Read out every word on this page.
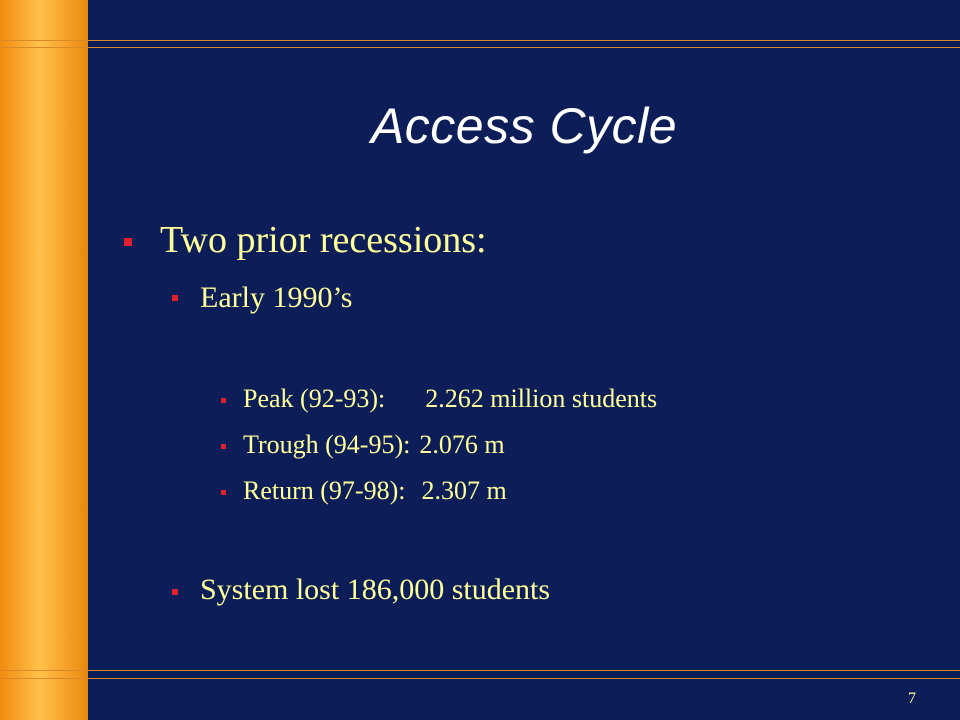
Access Cycle
Two prior recessions:
Early 1990’s
Peak (92-93): 2.262 million students
Trough (94-95): 2.076 m
Return (97-98): 2.307 m
System lost 186,000 students
7
